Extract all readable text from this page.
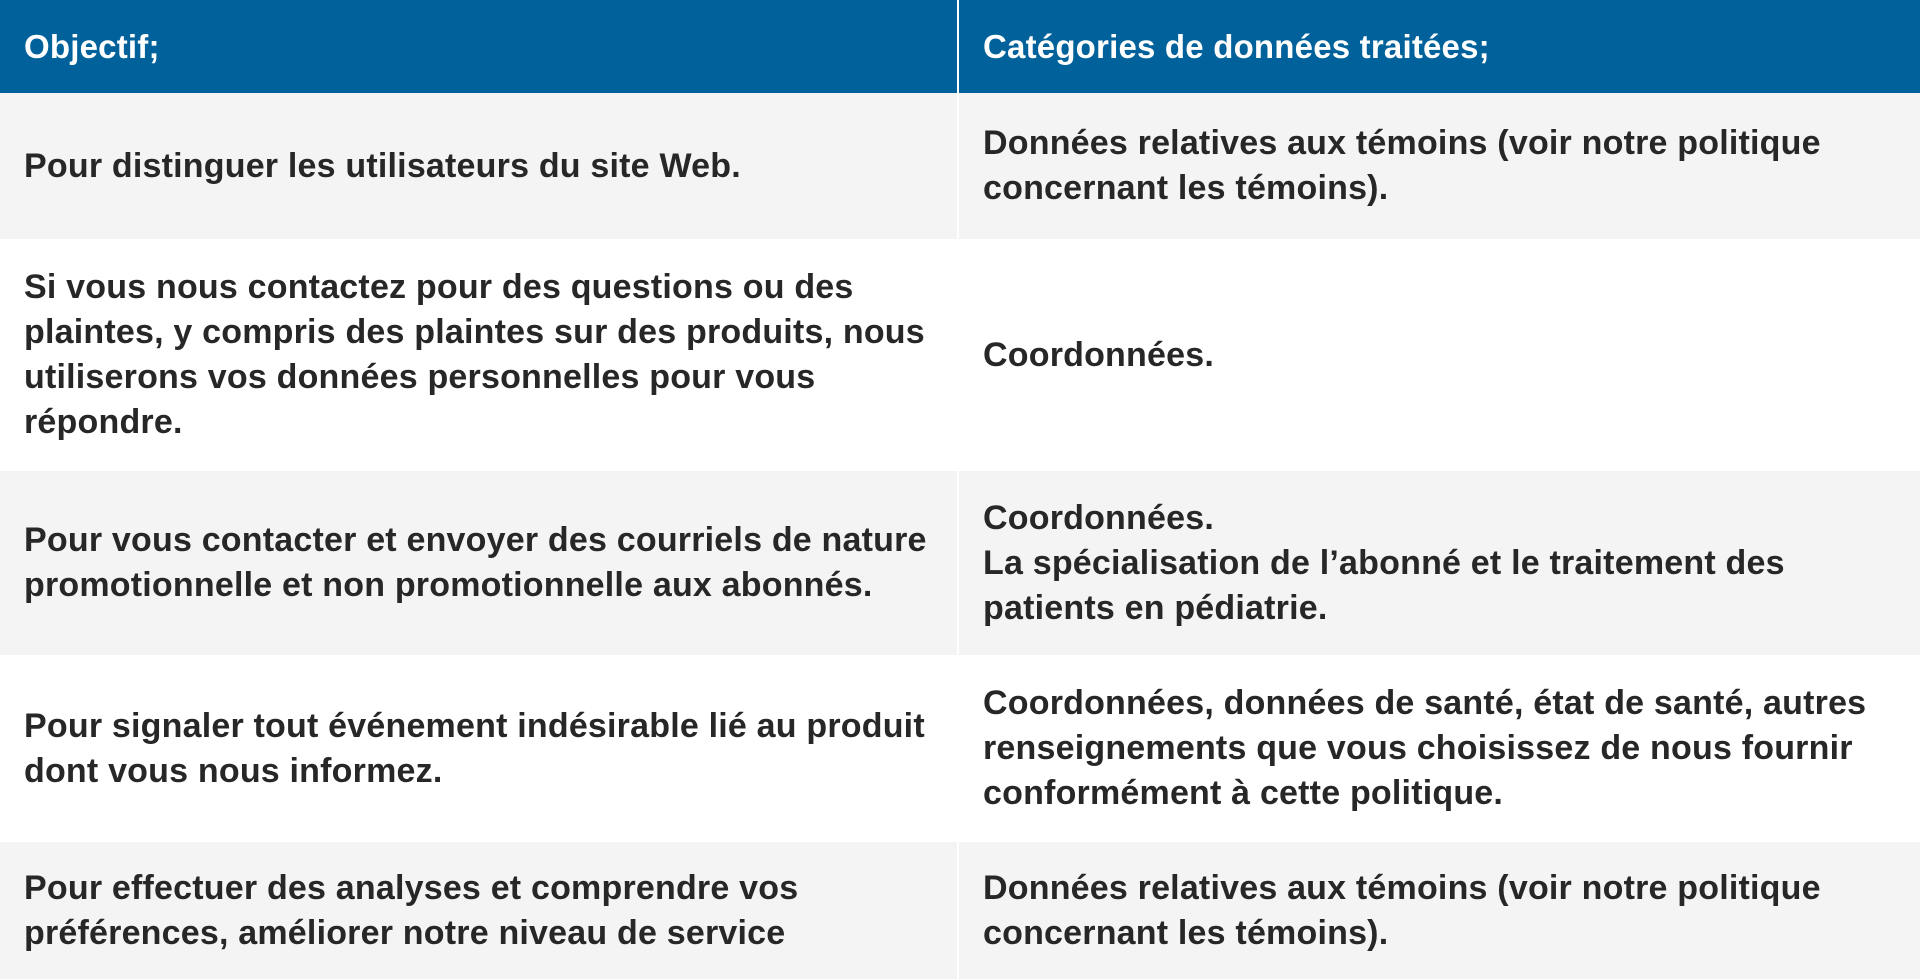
Objectif;	Catégories de données traitées;
Pour distinguer les utilisateurs du site Web.
Données relatives aux témoins (voir notre politique concernant les témoins).
Si vous nous contactez pour des questions ou des plaintes, y compris des plaintes sur des produits, nous utiliserons vos données personnelles pour vous répondre.
Coordonnées.
Pour vous contacter et envoyer des courriels de nature promotionnelle et non promotionnelle aux abonnés.
Coordonnées.
La spécialisation de l’abonné et le traitement des patients en pédiatrie.
Pour signaler tout événement indésirable lié au produit dont vous nous informez.
Coordonnées, données de santé, état de santé, autres renseignements que vous choisissez de nous fournir conformément à cette politique.
Pour effectuer des analyses et comprendre vos préférences, améliorer notre niveau de service
Données relatives aux témoins (voir notre politique concernant les témoins).
